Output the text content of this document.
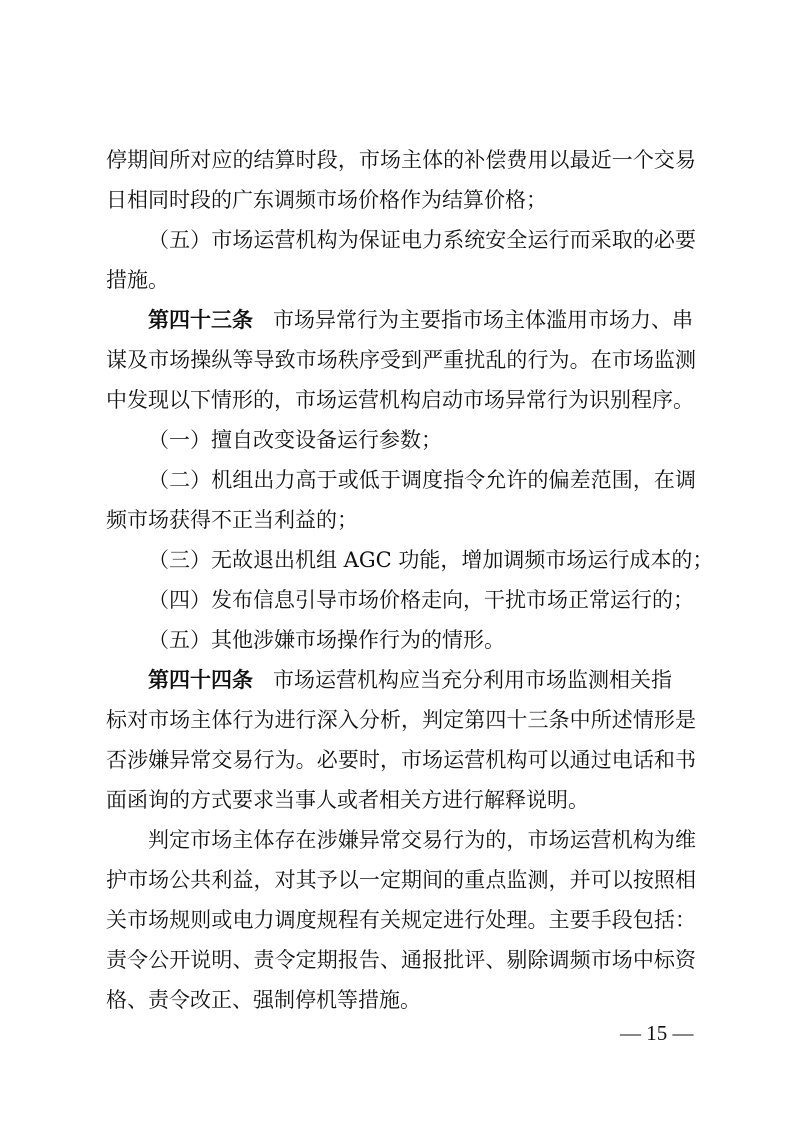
停期间所对应的结算时段，市场主体的补偿费用以最近一个交易
日相同时段的广东调频市场价格作为结算价格；
（五）市场运营机构为保证电力系统安全运行而采取的必要
措施。
第四十三条 市场异常行为主要指市场主体滥用市场力、串
谋及市场操纵等导致市场秩序受到严重扰乱的行为。在市场监测
中发现以下情形的，市场运营机构启动市场异常行为识别程序。
（一）擅自改变设备运行参数；
（二）机组出力高于或低于调度指令允许的偏差范围，在调
频市场获得不正当利益的；
（三）无故退出机组 AGC 功能，增加调频市场运行成本的；
（四）发布信息引导市场价格走向，干扰市场正常运行的；
（五）其他涉嫌市场操作行为的情形。
第四十四条 市场运营机构应当充分利用市场监测相关指
标对市场主体行为进行深入分析，判定第四十三条中所述情形是
否涉嫌异常交易行为。必要时，市场运营机构可以通过电话和书
面函询的方式要求当事人或者相关方进行解释说明。
判定市场主体存在涉嫌异常交易行为的，市场运营机构为维
护市场公共利益，对其予以一定期间的重点监测，并可以按照相
关市场规则或电力调度规程有关规定进行处理。主要手段包括：
责令公开说明、责令定期报告、通报批评、剔除调频市场中标资
格、责令改正、强制停机等措施。
— 15 —
